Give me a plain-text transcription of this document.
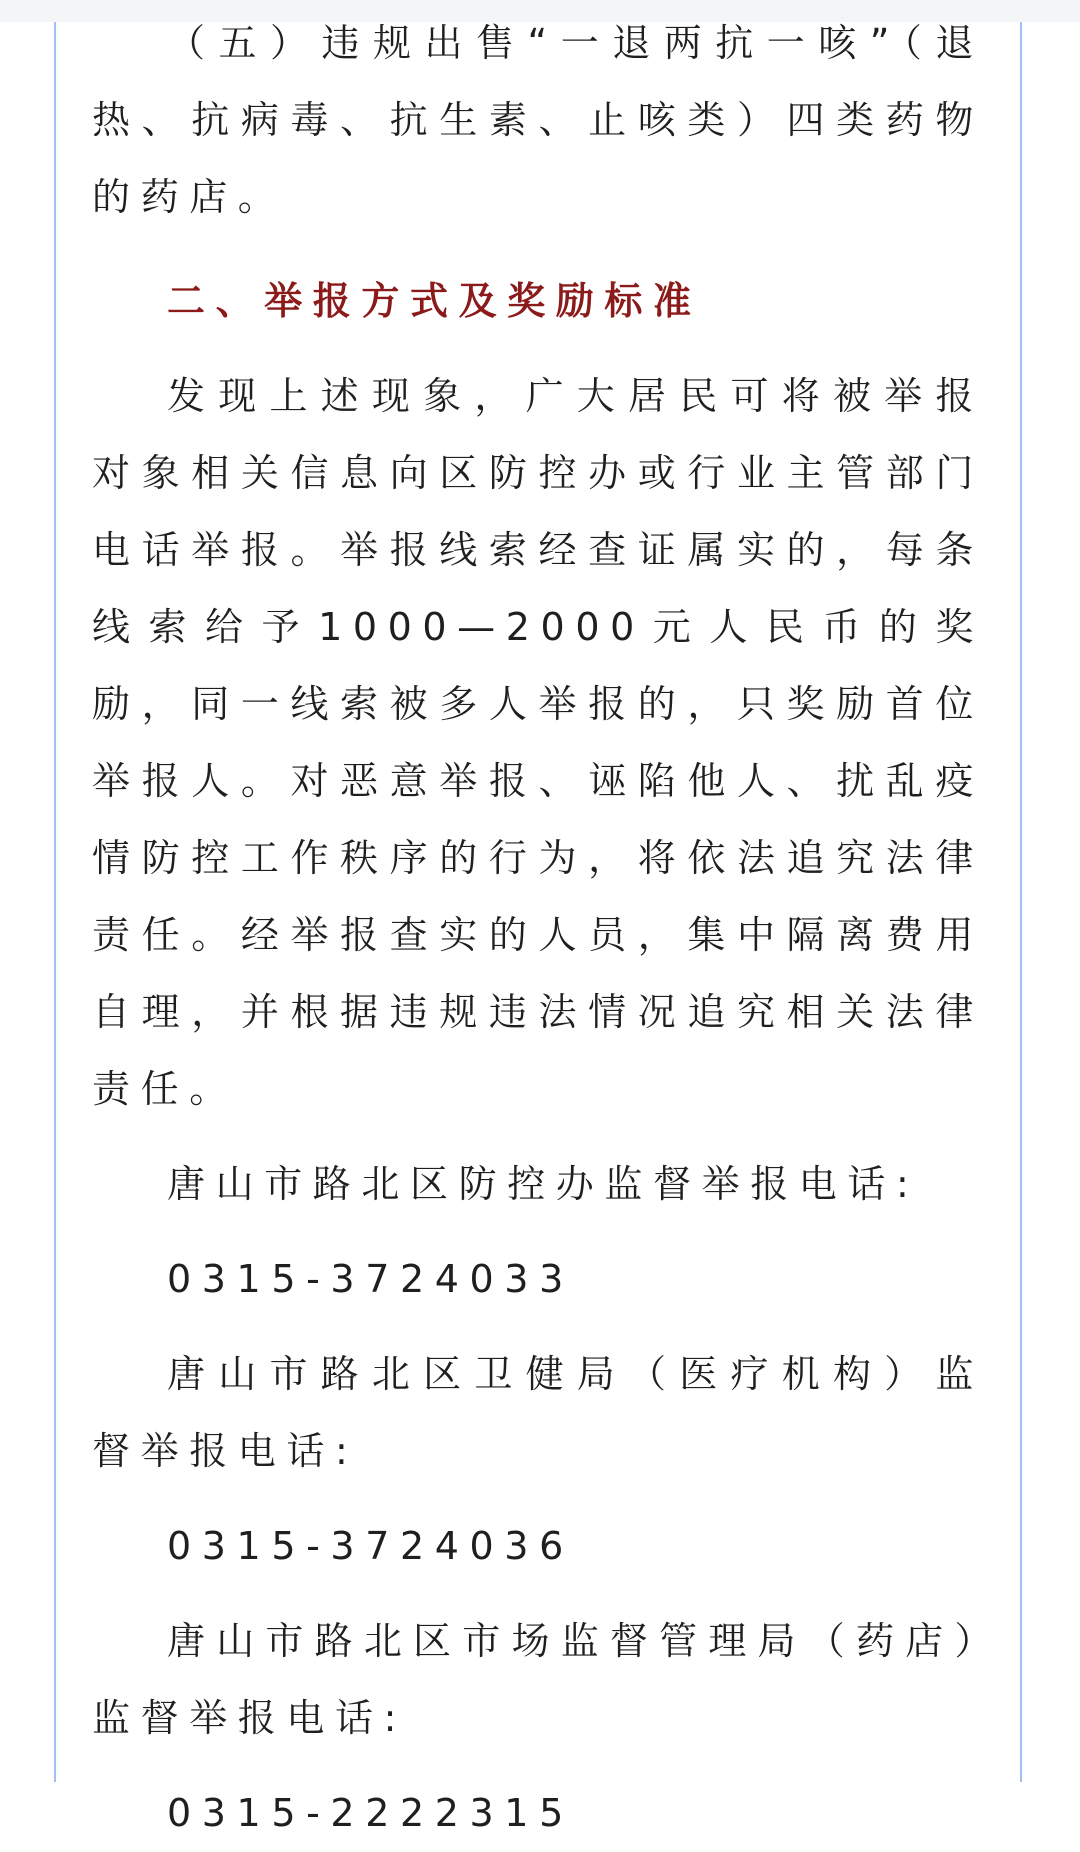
（五）违规出售“一退两抗一咳”（退热、抗病毒、抗生素、止咳类）四类药物的药店。

二、举报方式及奖励标准

发现上述现象，广大居民可将被举报对象相关信息向区防控办或行业主管部门电话举报。举报线索经查证属实的，每条线索给予1000—2000元人民币的奖励，同一线索被多人举报的，只奖励首位举报人。对恶意举报、诬陷他人、扰乱疫情防控工作秩序的行为，将依法追究法律责任。经举报查实的人员，集中隔离费用自理，并根据违规违法情况追究相关法律责任。

唐山市路北区防控办监督举报电话:

0315-3724033

唐山市路北区卫健局（医疗机构）监督举报电话:

0315-3724036

唐山市路北区市场监督管理局（药店）监督举报电话:

0315-2222315
